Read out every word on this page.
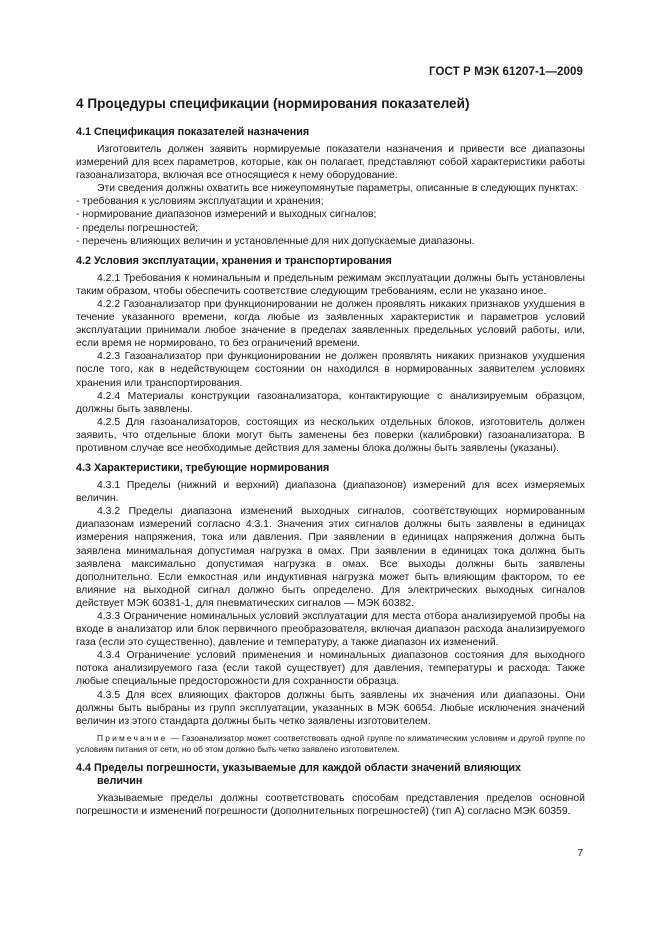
ГОСТ Р МЭК 61207-1—2009
4 Процедуры спецификации (нормирования показателей)
4.1 Спецификация показателей назначения

Изготовитель должен заявить нормируемые показатели назначения и привести все диапазоны измерений для всех параметров, которые, как он полагает, представляют собой характеристики работы газоанализатора, включая все относящиеся к нему оборудование.

Эти сведения должны охватить все нижеупомянутые параметры, описанные в следующих пунктах:

- требования к условиям эксплуатации и хранения;
- нормирование диапазонов измерений и выходных сигналов;
- пределы погрешностей;
- перечень влияющих величин и установленные для них допускаемые диапазоны.
4.2 Условия эксплуатации, хранения и транспортирования

4.2.1 Требования к номинальным и предельным режимам эксплуатации должны быть установлены таким образом, чтобы обеспечить соответствие следующим требованиям, если не указано иное.

4.2.2 Газоанализатор при функционировании не должен проявлять никаких признаков ухудшения в течение указанного времени, когда любые из заявленных характеристик и параметров условий эксплуатации принимали любое значение в пределах заявленных предельных условий работы, или, если время не нормировано, то без ограничений времени.

4.2.3 Газоанализатор при функционировании не должен проявлять никаких признаков ухудшения после того, как в недействующем состоянии он находился в нормированных заявителем условиях хранения или транспортирования.

4.2.4 Материалы конструкции газоанализатора, контактирующие с анализируемым образцом, должны быть заявлены.

4.2.5 Для газоанализаторов, состоящих из нескольких отдельных блоков, изготовитель должен заявить, что отдельные блоки могут быть заменены без поверки (калибровки) газоанализатора. В противном случае все необходимые действия для замены блока должны быть заявлены (указаны).

4.3 Характеристики, требующие нормирования

4.3.1 Пределы (нижний и верхний) диапазона (диапазонов) измерений для всех измеряемых величин.

4.3.2 Пределы диапазона изменений выходных сигналов, соответствующих нормированным диапазонам измерений согласно 4.3.1. Значения этих сигналов должны быть заявлены в единицах измерения напряжения, тока или давления. При заявлении в единицах напряжения должна быть заявлена минимальная допустимая нагрузка в омах. При заявлении в единицах тока должна быть заявлена максимально допустимая нагрузка в омах. Все выходы должны быть заявлены дополнительно. Если емкостная или индуктивная нагрузка может быть влияющим фактором, то ее влияние на выходной сигнал должно быть определено. Для электрических выходных сигналов действует МЭК 60381-1, для пневматических сигналов — МЭК 60382.

4.3.3 Ограничение номинальных условий эксплуатации для места отбора анализируемой пробы на входе в анализатор или блок первичного преобразователя, включая диапазон расхода анализируемого газа (если это существенно), давление и температуру, а также диапазон их изменений.

4.3.4 Ограничение условий применения и номинальных диапазонов состояния для выходного потока анализируемого газа (если такой существует) для давления, температуры и расхода. Также любые специальные предосторожности для сохранности образца.

4.3.5 Для всех влияющих факторов должны быть заявлены их значения или диапазоны. Они должны быть выбраны из групп эксплуатации, указанных в МЭК 60654. Любые исключения значений величин из этого стандарта должны быть четко заявлены изготовителем.

Примечание — Газоанализатор может соответствовать одной группе по климатическим условиям и другой группе по условиям питания от сети, но об этом должно быть четко заявлено изготовителем.

4.4 Пределы погрешности, указываемые для каждой области значений влияющих
величин

Указываемые пределы должны соответствовать способам представления пределов основной погрешности и изменений погрешности (дополнительных погрешностей) (тип А) согласно МЭК 60359.

7
